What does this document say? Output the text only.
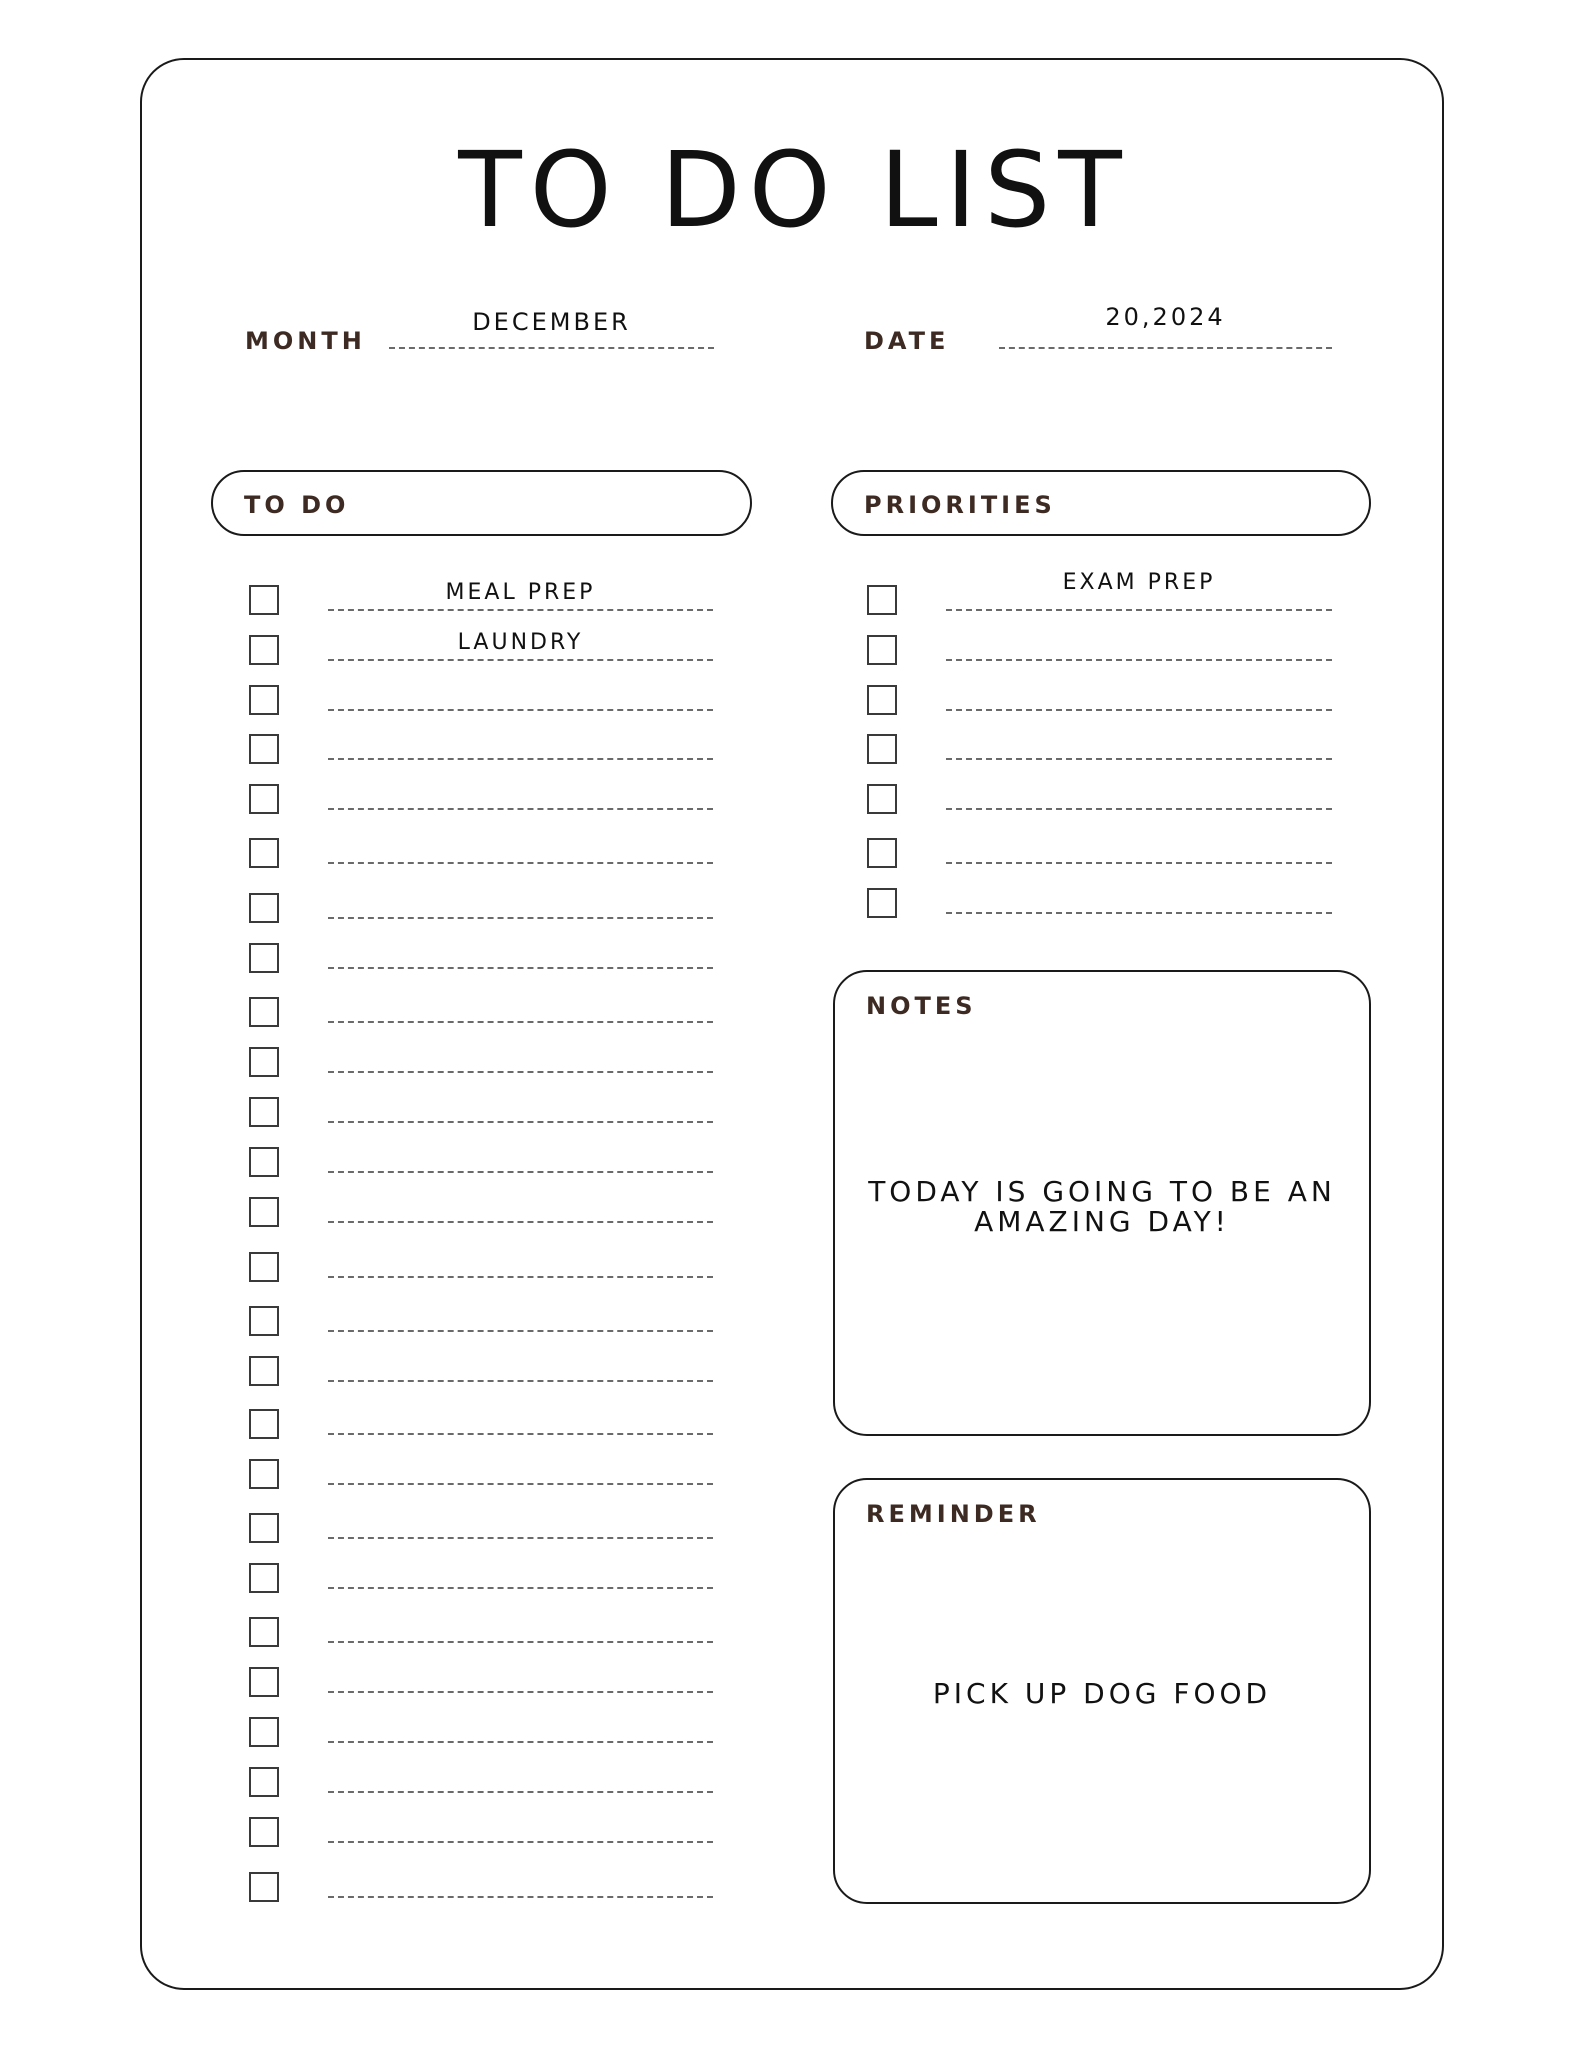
TO DO LIST
MONTH
DECEMBER
DATE
20,2024
TO DO	PRIORITIES
MEAL PREP
LAUNDRY
EXAM PREP
NOTES
TODAY IS GOING TO BE AN AMAZING DAY!
REMINDER
PICK UP DOG FOOD
